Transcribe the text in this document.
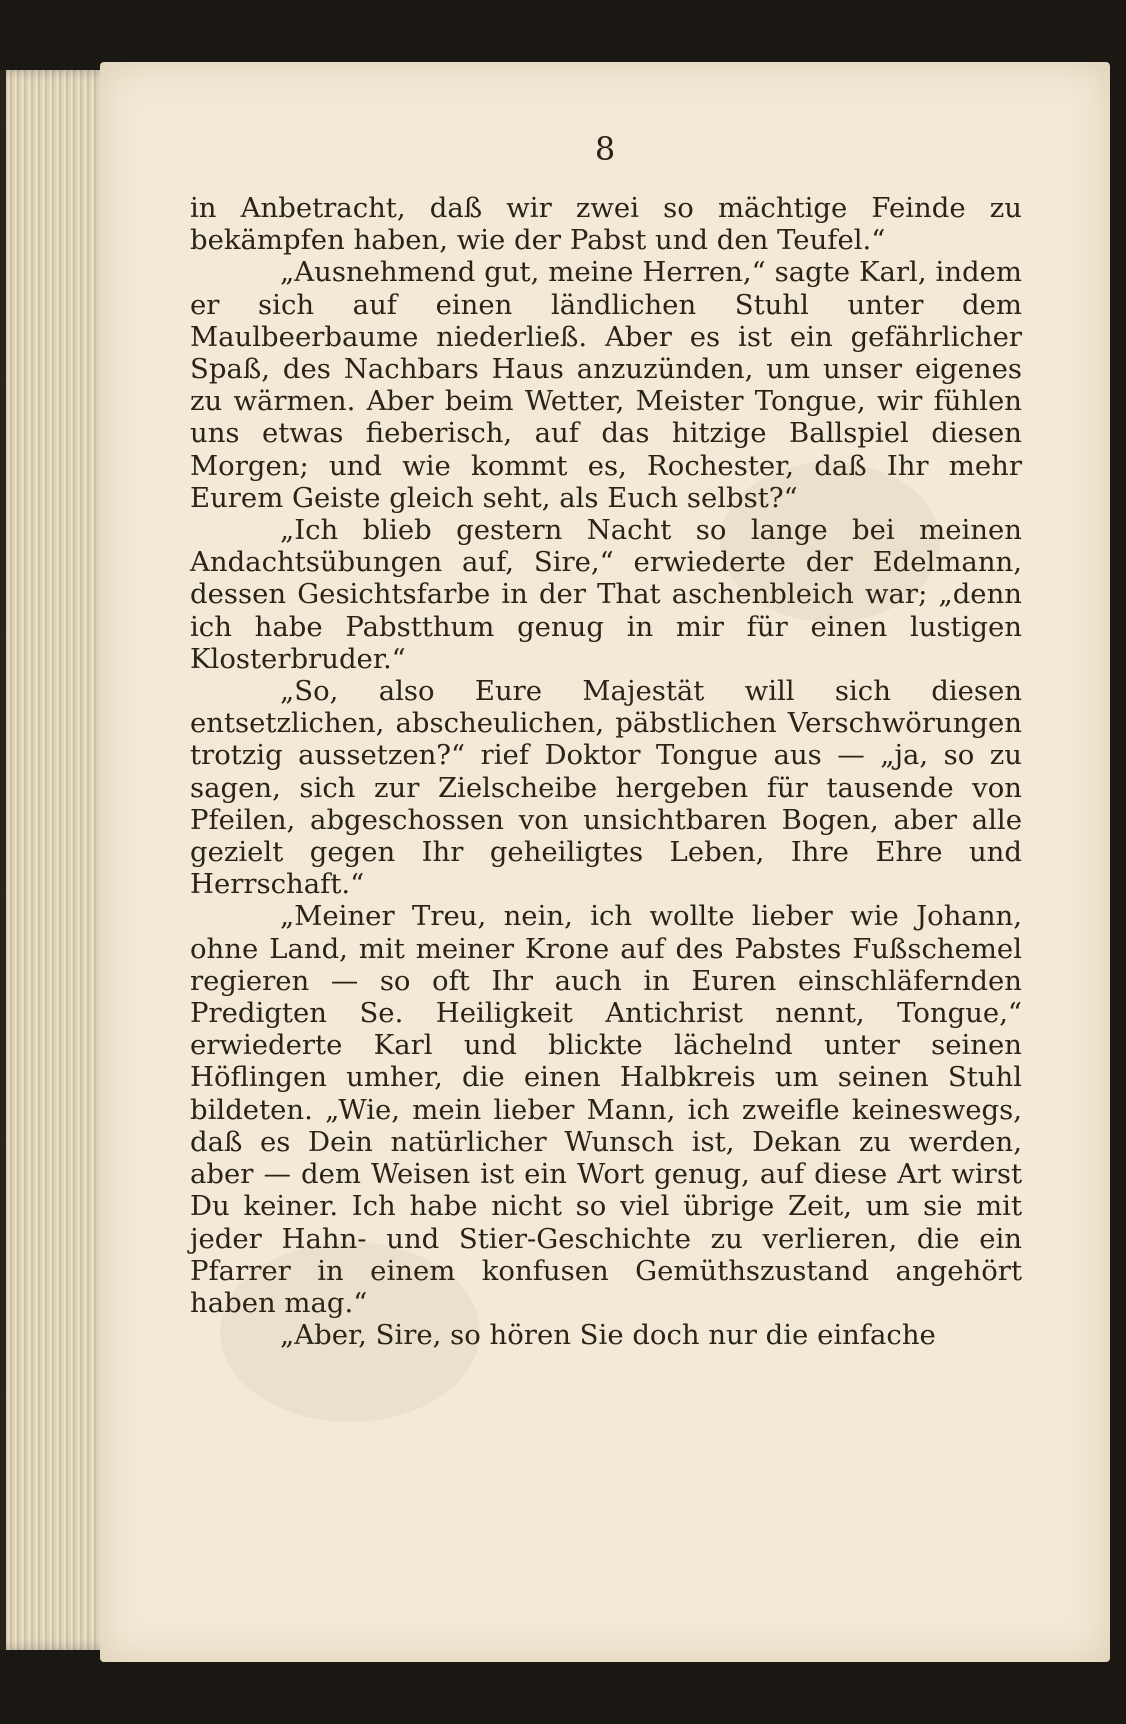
8

in Anbetracht, daß wir zwei so mächtige Feinde zu bekämpfen haben, wie der Pabst und den Teufel.“

„Ausnehmend gut, meine Herren,“ sagte Karl, indem er sich auf einen ländlichen Stuhl unter dem Maulbeerbaume niederließ. Aber es ist ein gefährlicher Spaß, des Nachbars Haus anzuzünden, um unser eigenes zu wärmen. Aber beim Wetter, Meister Tongue, wir fühlen uns etwas fieberisch, auf das hitzige Ballspiel diesen Morgen; und wie kommt es, Rochester, daß Ihr mehr Eurem Geiste gleich seht, als Euch selbst?“

„Ich blieb gestern Nacht so lange bei meinen Andachtsübungen auf, Sire,“ erwiederte der Edelmann, dessen Gesichtsfarbe in der That aschenbleich war; „denn ich habe Pabstthum genug in mir für einen lustigen Klosterbruder.“

„So, also Eure Majestät will sich diesen entsetzlichen, abscheulichen, päbstlichen Verschwörungen trotzig aussetzen?“ rief Doktor Tongue aus — „ja, so zu sagen, sich zur Zielscheibe hergeben für tausende von Pfeilen, abgeschossen von unsichtbaren Bogen, aber alle gezielt gegen Ihr geheiligtes Leben, Ihre Ehre und Herrschaft.“

„Meiner Treu, nein, ich wollte lieber wie Johann, ohne Land, mit meiner Krone auf des Pabstes Fußschemel regieren — so oft Ihr auch in Euren einschläfernden Predigten Se. Heiligkeit Antichrist nennt, Tongue,“ erwiederte Karl und blickte lächelnd unter seinen Höflingen umher, die einen Halbkreis um seinen Stuhl bildeten. „Wie, mein lieber Mann, ich zweifle keineswegs, daß es Dein natürlicher Wunsch ist, Dekan zu werden, aber — dem Weisen ist ein Wort genug, auf diese Art wirst Du keiner. Ich habe nicht so viel übrige Zeit, um sie mit jeder Hahn- und Stier-Geschichte zu verlieren, die ein Pfarrer in einem konfusen Gemüthszustand angehört haben mag.“

„Aber, Sire, so hören Sie doch nur die einfache
